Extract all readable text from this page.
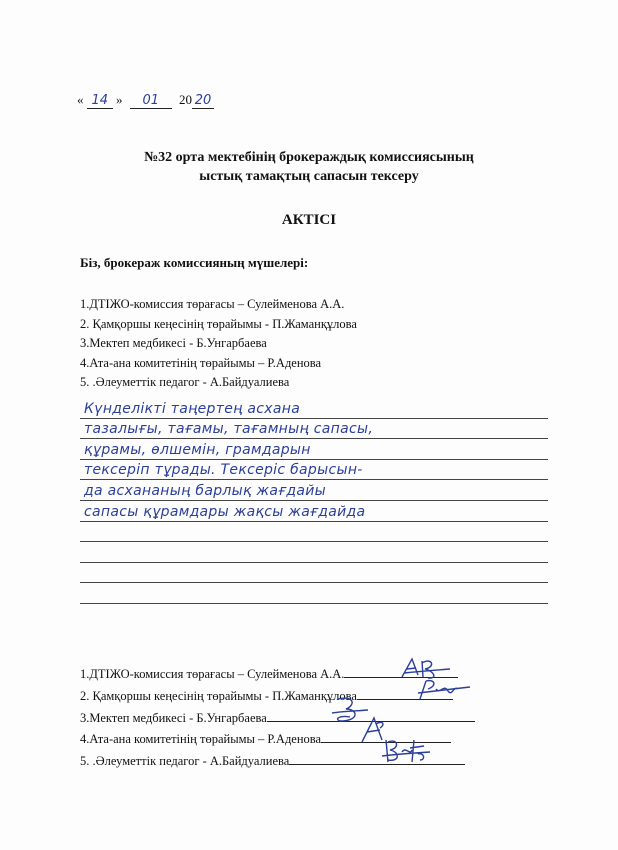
« 14 » 01 20 20
№32 орта мектебінің брокераждық комиссиясының
ыстық тамақтың сапасын тексеру
АКТІСІ
Біз, брокераж комиссияның мүшелері:
1.ДТІЖО-комиссия төрағасы – Сулейменова А.А.
2. Қамқоршы кеңесінің төрайымы - П.Жаманқұлова
3.Мектеп медбикесі - Б.Унгарбаева
4.Ата-ана комитетінің төрайымы – Р.Аденова
5. .Әлеуметтік педагог - А.Байдуалиева
Күнделікті таңертең асхана
тазалығы, тағамы, тағамның сапасы,
құрамы, өлшемін, грамдарын
тексеріп тұрады. Тексеріс барысын-
да асхананың барлық жағдайы
сапасы құрамдары жақсы жағдайда
1.ДТІЖО-комиссия төрағасы – Сулейменова А.А.
2. Қамқоршы кеңесінің төрайымы - П.Жаманқұлова
3.Мектеп медбикесі - Б.Унгарбаева
4.Ата-ана комитетінің төрайымы – Р.Аденова
5. .Әлеуметтік педагог - А.Байдуалиева
